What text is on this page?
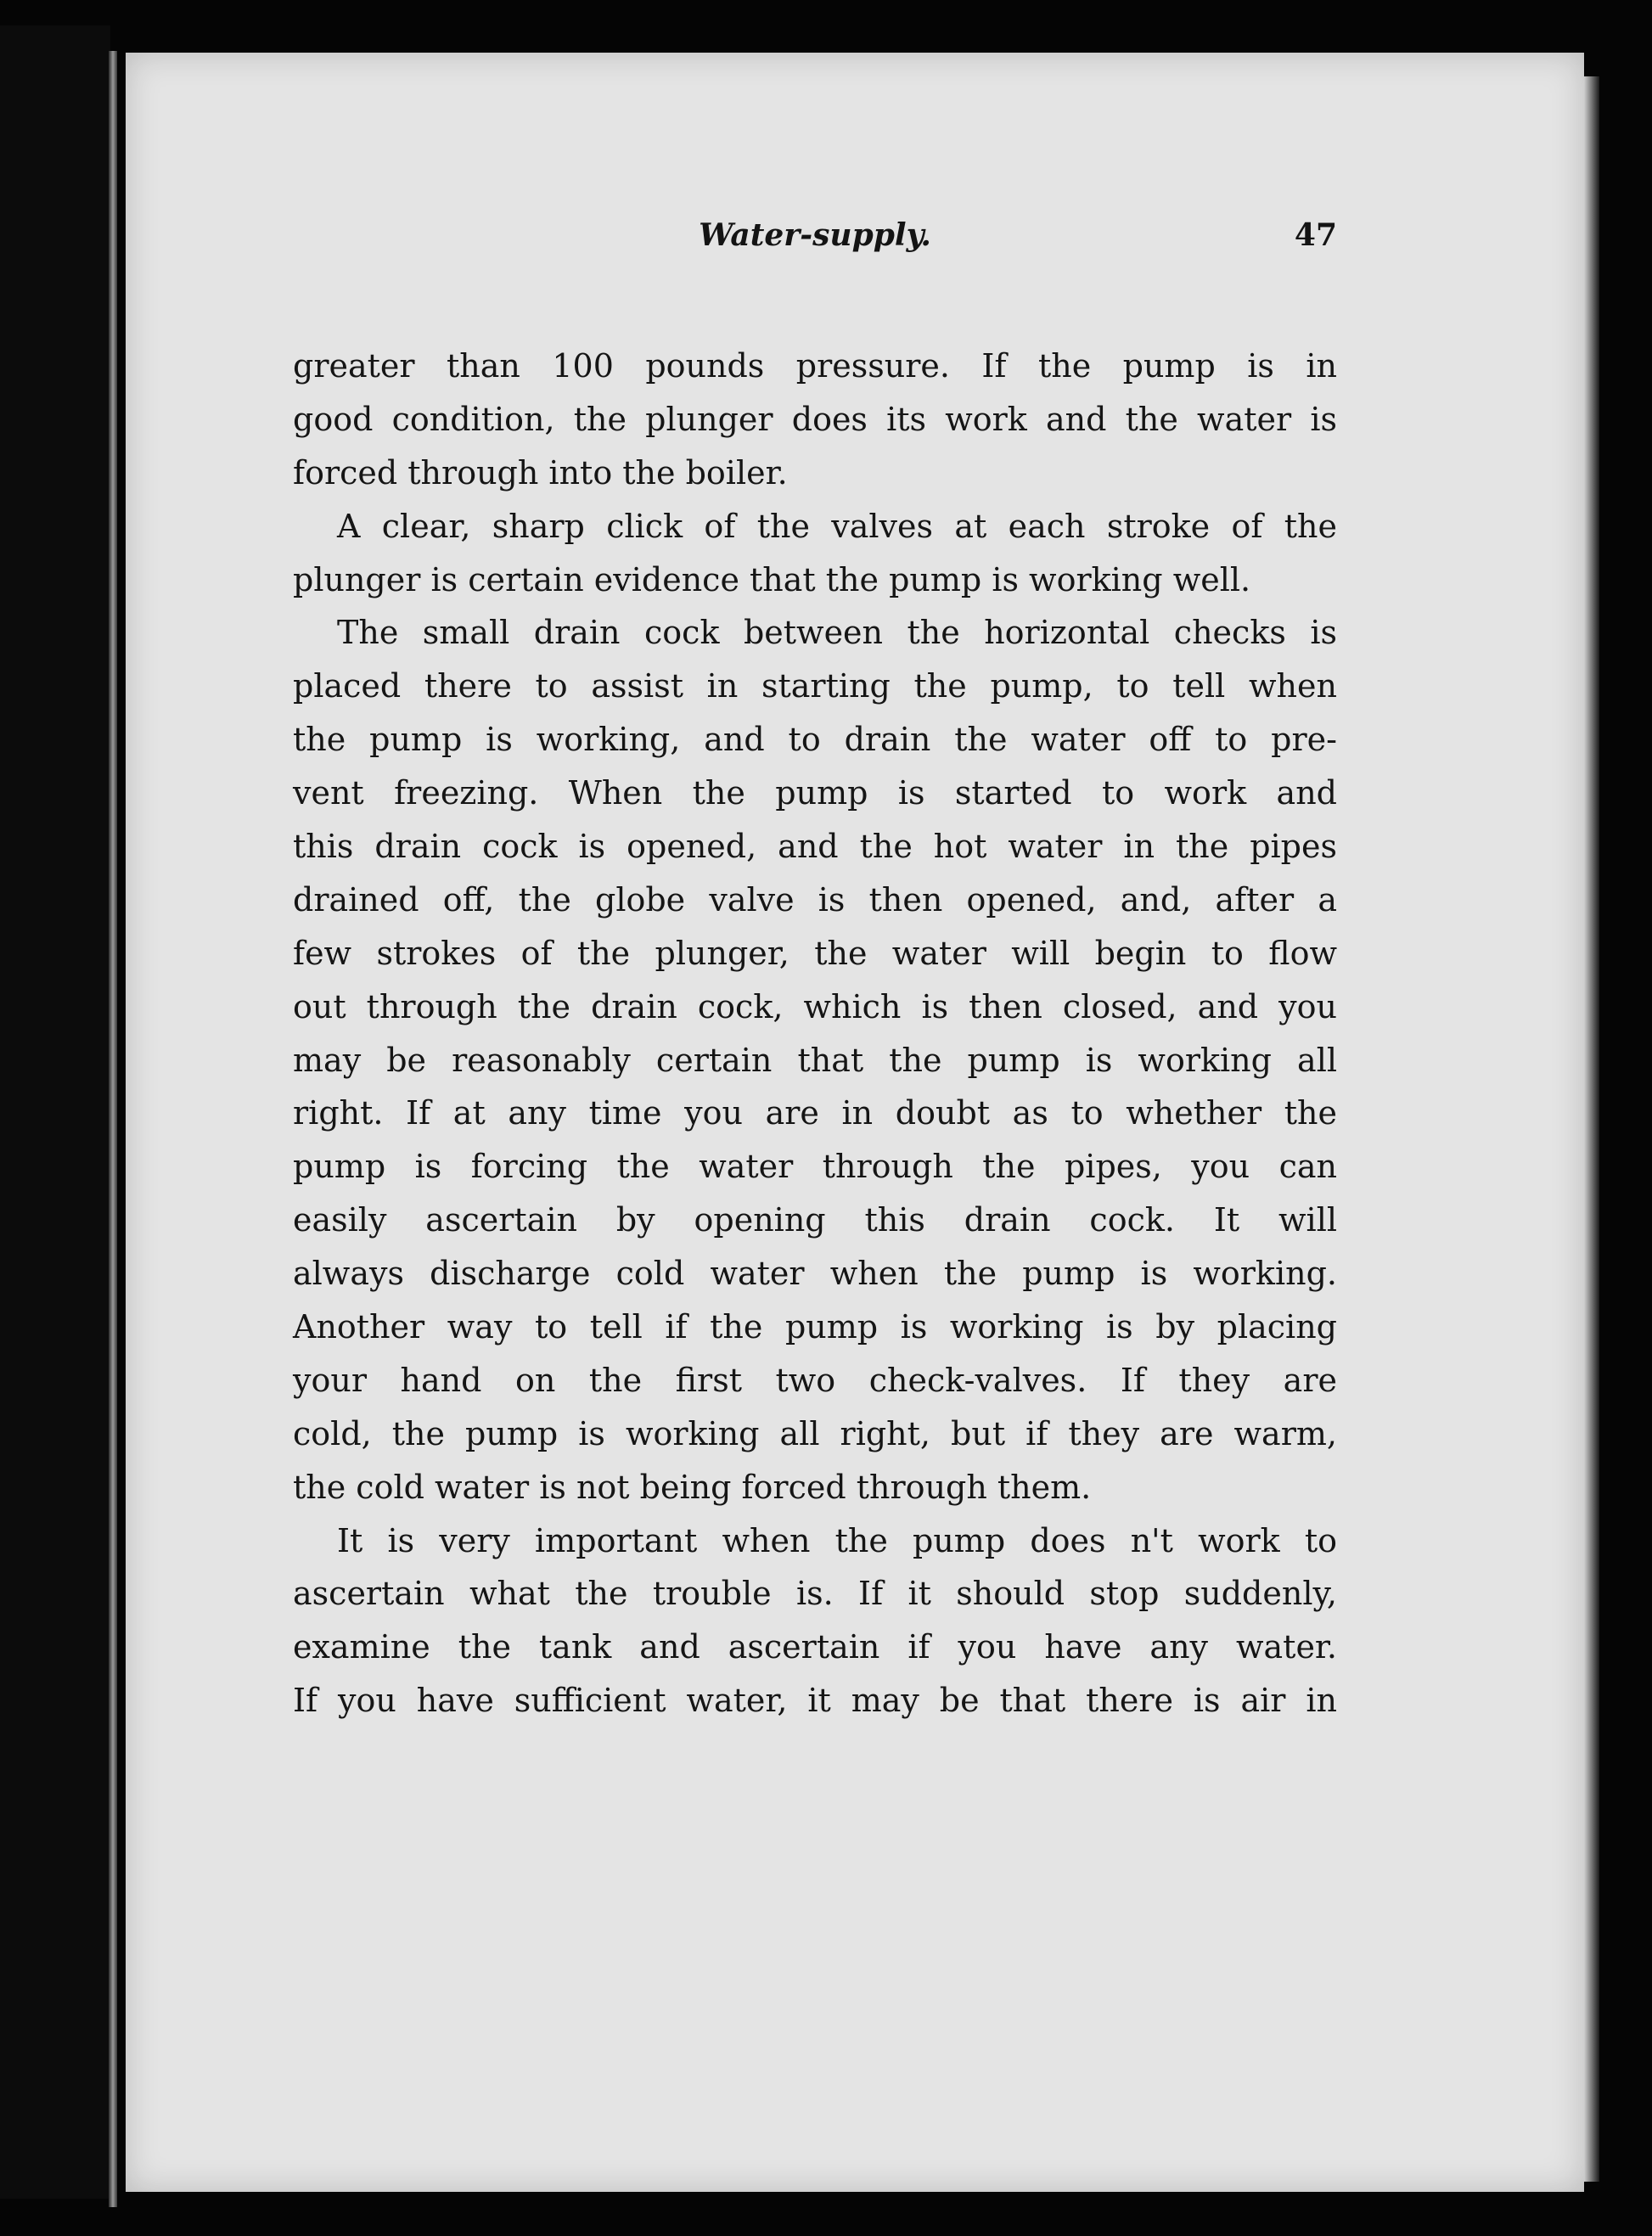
Water-supply.	47
greater than 100 pounds pressure. If the pump is in
good condition, the plunger does its work and the water is
forced through into the boiler.
A clear, sharp click of the valves at each stroke of the
plunger is certain evidence that the pump is working well.
The small drain cock between the horizontal checks is
placed there to assist in starting the pump, to tell when
the pump is working, and to drain the water off to pre-
vent freezing. When the pump is started to work and
this drain cock is opened, and the hot water in the pipes
drained off, the globe valve is then opened, and, after a
few strokes of the plunger, the water will begin to flow
out through the drain cock, which is then closed, and you
may be reasonably certain that the pump is working all
right. If at any time you are in doubt as to whether the
pump is forcing the water through the pipes, you can
easily ascertain by opening this drain cock. It will
always discharge cold water when the pump is working.
Another way to tell if the pump is working is by placing
your hand on the first two check-valves. If they are
cold, the pump is working all right, but if they are warm,
the cold water is not being forced through them.
It is very important when the pump does n't work to
ascertain what the trouble is. If it should stop suddenly,
examine the tank and ascertain if you have any water.
If you have sufficient water, it may be that there is air in
